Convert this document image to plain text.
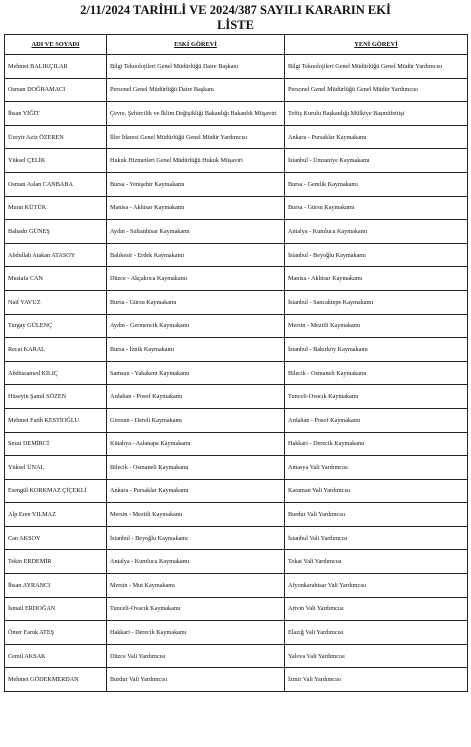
2/11/2024 TARİHLİ VE 2024/387 SAYILI KARARIN EKİ
LİSTE
ADI VE SOYADI	ESKİ GÖREVİ	YENİ GÖREVİ
Mehmet BALIKÇILAR	Bilgi Teknolojileri Genel Müdürlüğü Daire Başkanı	Bilgi Teknolojileri Genel Müdürlüğü Genel Müdür Yardımcısı
Osman DOĞRAMACI	Personel Genel Müdürlüğü Daire Başkanı	Personel Genel Müdürlüğü Genel Müdür Yardımcısı
İhsan YİĞİT	Çevre, Şehircilik ve İklim Değişikliği Bakanlığı Bakanlık Müşaviri	Teftiş Kurulu Başkanlığı Mülkiye Başmüfettişi
Üzeyir Aziz ÖZEREN	İller İdaresi Genel Müdürlüğü Genel Müdür Yardımcısı	Ankara - Pursaklar Kaymakamı
Yüksel ÇELİK	Hukuk Hizmetleri Genel Müdürlüğü Hukuk Müşaviri	İstanbul - Ümraniye Kaymakamı
Osman Aslan CANBABA	Bursa - Yenişehir Kaymakamı	Bursa - Gemlik Kaymakamı
Murat KÜTÜK	Manisa - Akhisar Kaymakamı	Bursa - Gürsu Kaymakamı
Bahadır GÜNEŞ	Aydın - Sultanhisar Kaymakamı	Antalya - Kumluca Kaymakamı
Abdullah Atakan ATASOY	Balıkesir - Erdek Kaymakamı	İstanbul - Beyoğlu Kaymakamı
Mustafa CAN	Düzce - Akçakoca Kaymakamı	Manisa - Akhisar Kaymakamı
Naif YAVUZ	Bursa - Gürsu Kaymakamı	İstanbul - Sancaktepe Kaymakamı
Turgay GÜLENÇ	Aydın - Germencik Kaymakamı	Mersin - Mezitli Kaymakamı
Recai KARAL	Bursa - İznik Kaymakamı	İstanbul - Bakırköy Kaymakamı
Abdüssamed KILIÇ	Samsun - Yakakent Kaymakamı	Bilecik - Osmaneli Kaymakamı
Hüseyin Şamil SÖZEN	Ardahan - Posof Kaymakamı	Tunceli-Ovacık Kaymakamı
Mehmet Fatih KESTİOĞLU	Giresun - Dereli Kaymakamı	Ardahan - Posof Kaymakamı
Sezai DEMİRCİ	Kütahya - Aslanapa Kaymakamı	Hakkari - Derecik Kaymakamı
Yüksel ÜNAL	Bilecik - Osmaneli Kaymakamı	Amasya Vali Yardımcısı
Esengül KORKMAZ ÇİÇEKLİ	Ankara - Pursaklar Kaymakamı	Karaman Vali Yardımcısı
Alp Eren YILMAZ	Mersin - Mezitli Kaymakamı	Burdur Vali Yardımcısı
Can AKSOY	İstanbul - Beyoğlu Kaymakamı	İstanbul Vali Yardımcısı
Tekin ERDEMİR	Antalya - Kumluca Kaymakamı	Tokat Vali Yardımcısı
İhsan AYRANCI	Mersin - Mut Kaymakamı	Afyonkarahisar Vali Yardımcısı
İsmail ERDOĞAN	Tunceli-Ovacık Kaymakamı	Artvin Vali Yardımcısı
Ömer Faruk ATEŞ	Hakkari - Derecik Kaymakamı	Elazığ Vali Yardımcısı
Cemil AKSAK	Düzce Vali Yardımcısı	Yalova Vali Yardımcısı
Mehmet GÖDEKMERDAN	Burdur Vali Yardımcısı	İzmir Vali Yardımcısı
